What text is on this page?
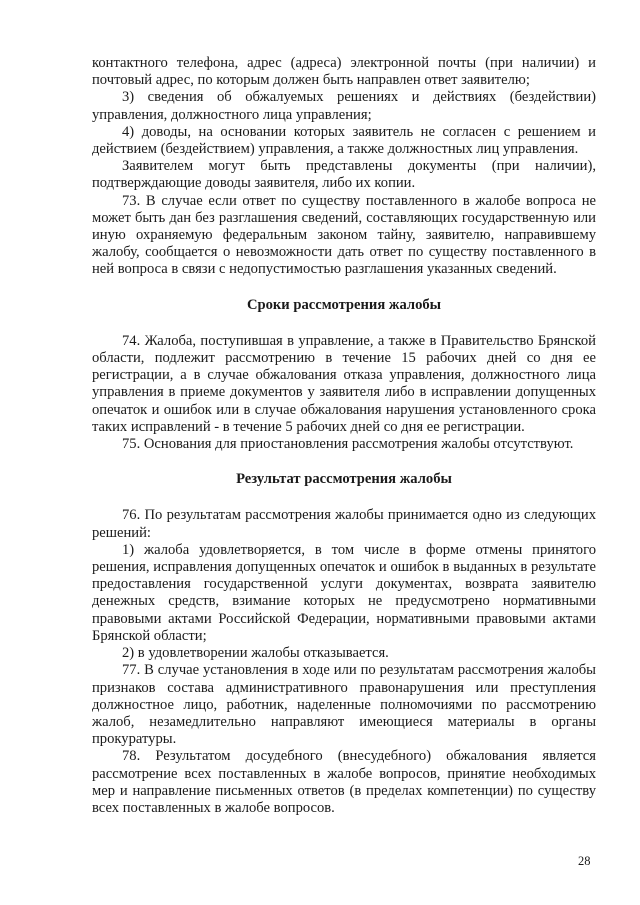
контактного телефона, адрес (адреса) электронной почты (при наличии) и почтовый адрес, по которым должен быть направлен ответ заявителю;

3) сведения об обжалуемых решениях и действиях (бездействии) управления, должностного лица управления;

4) доводы, на основании которых заявитель не согласен с решением и действием (бездействием) управления, а также должностных лиц управления.

Заявителем могут быть представлены документы (при наличии), подтверждающие доводы заявителя, либо их копии.

73. В случае если ответ по существу поставленного в жалобе вопроса не может быть дан без разглашения сведений, составляющих государственную или иную охраняемую федеральным законом тайну, заявителю, направившему жалобу, сообщается о невозможности дать ответ по существу поставленного в ней вопроса в связи с недопустимостью разглашения указанных сведений.

Сроки рассмотрения жалобы

74. Жалоба, поступившая в управление, а также в Правительство Брянской области, подлежит рассмотрению в течение 15 рабочих дней со дня ее регистрации, а в случае обжалования отказа управления, должностного лица управления в приеме документов у заявителя либо в исправлении допущенных опечаток и ошибок или в случае обжалования нарушения установленного срока таких исправлений - в течение 5 рабочих дней со дня ее регистрации.

75. Основания для приостановления рассмотрения жалобы отсутствуют.

Результат рассмотрения жалобы

76. По результатам рассмотрения жалобы принимается одно из следующих решений:

1) жалоба удовлетворяется, в том числе в форме отмены принятого решения, исправления допущенных опечаток и ошибок в выданных в результате предоставления государственной услуги документах, возврата заявителю денежных средств, взимание которых не предусмотрено нормативными правовыми актами Российской Федерации, нормативными правовыми актами Брянской области;

2) в удовлетворении жалобы отказывается.

77. В случае установления в ходе или по результатам рассмотрения жалобы признаков состава административного правонарушения или преступления должностное лицо, работник, наделенные полномочиями по рассмотрению жалоб, незамедлительно направляют имеющиеся материалы в органы прокуратуры.

78. Результатом досудебного (внесудебного) обжалования является рассмотрение всех поставленных в жалобе вопросов, принятие необходимых мер и направление письменных ответов (в пределах компетенции) по существу всех поставленных в жалобе вопросов.

28
